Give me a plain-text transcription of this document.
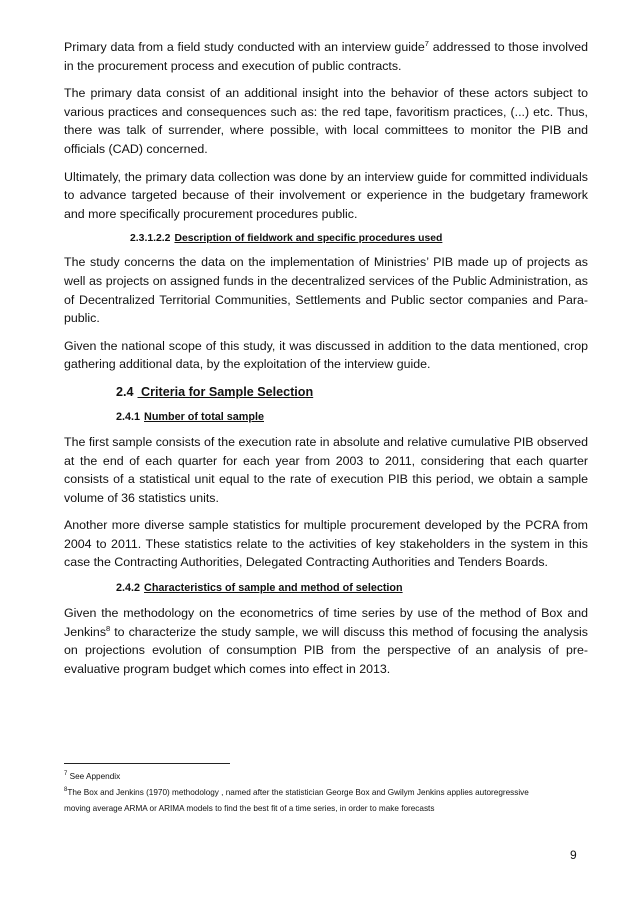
Primary data from a field study conducted with an interview guide$^7$ addressed to those involved in the procurement process and execution of public contracts.

The primary data consist of an additional insight into the behavior of these actors subject to various practices and consequences such as: the red tape, favoritism practices, (...) etc. Thus, there was talk of surrender, where possible, with local committees to monitor the PIB and officials (CAD) concerned.

Ultimately, the primary data collection was done by an interview guide for committed individuals to advance targeted because of their involvement or experience in the budgetary framework and more specifically procurement procedures public.

2.3.1.2.2 Description of fieldwork and specific procedures used

The study concerns the data on the implementation of Ministries’ PIB made up of projects as well as projects on assigned funds in the decentralized services of the Public Administration, as of Decentralized Territorial Communities, Settlements and Public sector companies and Para-public.

Given the national scope of this study, it was discussed in addition to the data mentioned, crop gathering additional data, by the exploitation of the interview guide.

2.4 Criteria for Sample Selection
2.4.1 Number of total sample

The first sample consists of the execution rate in absolute and relative cumulative PIB observed at the end of each quarter for each year from 2003 to 2011, considering that each quarter consists of a statistical unit equal to the rate of execution PIB this period, we obtain a sample volume of 36 statistics units.

Another more diverse sample statistics for multiple procurement developed by the PCRA from 2004 to 2011. These statistics relate to the activities of key stakeholders in the system in this case the Contracting Authorities, Delegated Contracting Authorities and Tenders Boards.

2.4.2 Characteristics of sample and method of selection

Given the methodology on the econometrics of time series by use of the method of Box and Jenkins$^8$ to characterize the study sample, we will discuss this method of focusing the analysis on projections evolution of consumption PIB from the perspective of an analysis of pre-evaluative program budget which comes into effect in 2013.

$^7$ See Appendix
$^8$The Box and Jenkins (1970) methodology , named after the statistician George Box and Gwilym Jenkins applies autoregressive
moving average ARMA or ARIMA models to find the best fit of a time series, in order to make forecasts
9
